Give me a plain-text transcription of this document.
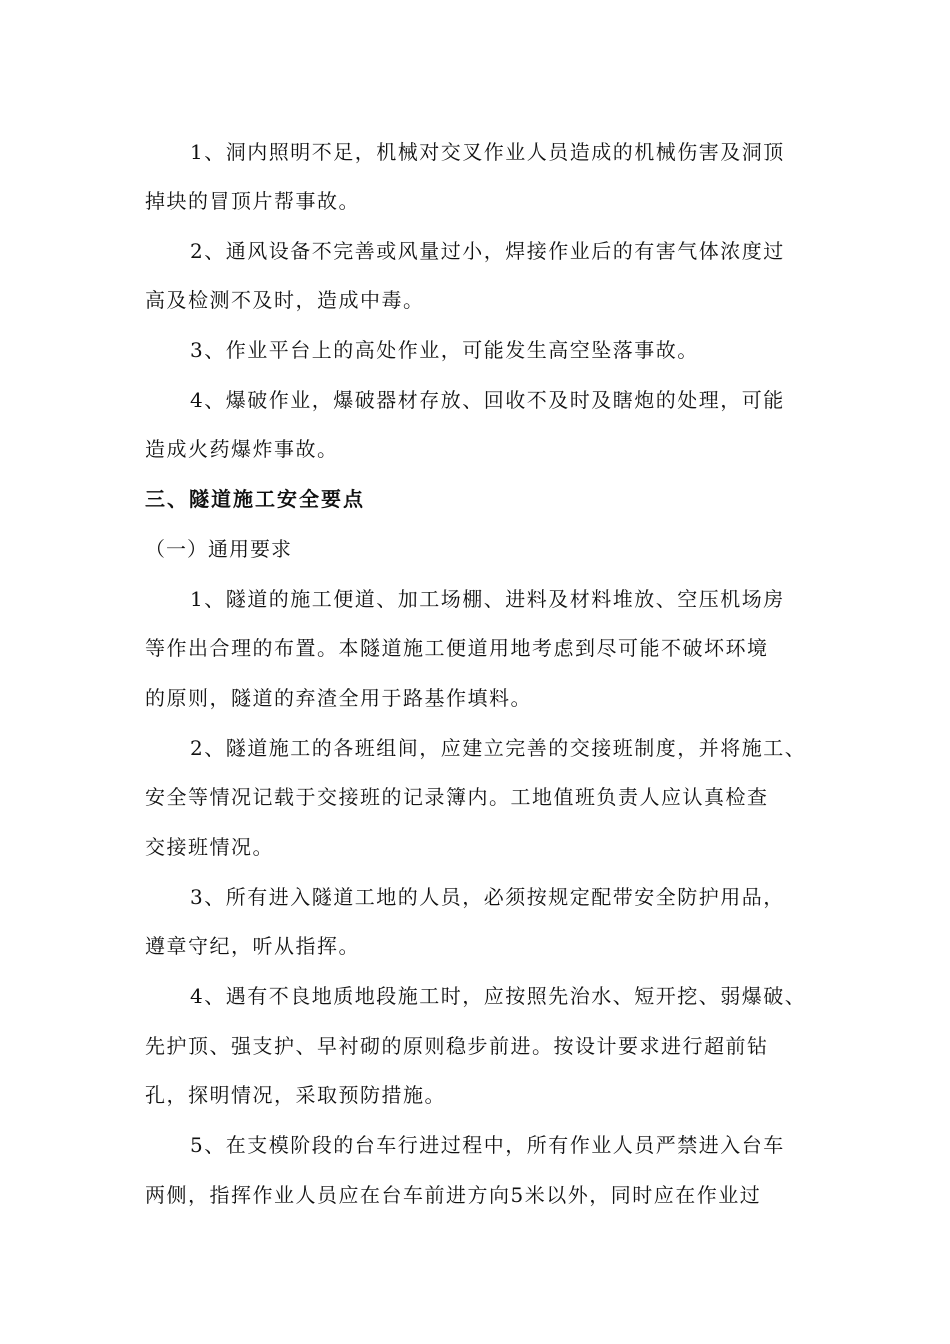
1、洞内照明不足，机械对交叉作业人员造成的机械伤害及洞顶
掉块的冒顶片帮事故。
2、通风设备不完善或风量过小，焊接作业后的有害气体浓度过
高及检测不及时，造成中毒。
3、作业平台上的高处作业，可能发生高空坠落事故。
4、爆破作业，爆破器材存放、回收不及时及瞎炮的处理，可能
造成火药爆炸事故。
三、隧道施工安全要点
（一）通用要求
1、隧道的施工便道、加工场棚、进料及材料堆放、空压机场房
等作出合理的布置。本隧道施工便道用地考虑到尽可能不破坏环境
的原则，隧道的弃渣全用于路基作填料。
2、隧道施工的各班组间，应建立完善的交接班制度，并将施工、
安全等情况记载于交接班的记录簿内。工地值班负责人应认真检查
交接班情况。
3、所有进入隧道工地的人员，必须按规定配带安全防护用品，
遵章守纪，听从指挥。
4、遇有不良地质地段施工时，应按照先治水、短开挖、弱爆破、
先护顶、强支护、早衬砌的原则稳步前进。按设计要求进行超前钻
孔，探明情况，采取预防措施。
5、在支模阶段的台车行进过程中，所有作业人员严禁进入台车
两侧，指挥作业人员应在台车前进方向5米以外，同时应在作业过
